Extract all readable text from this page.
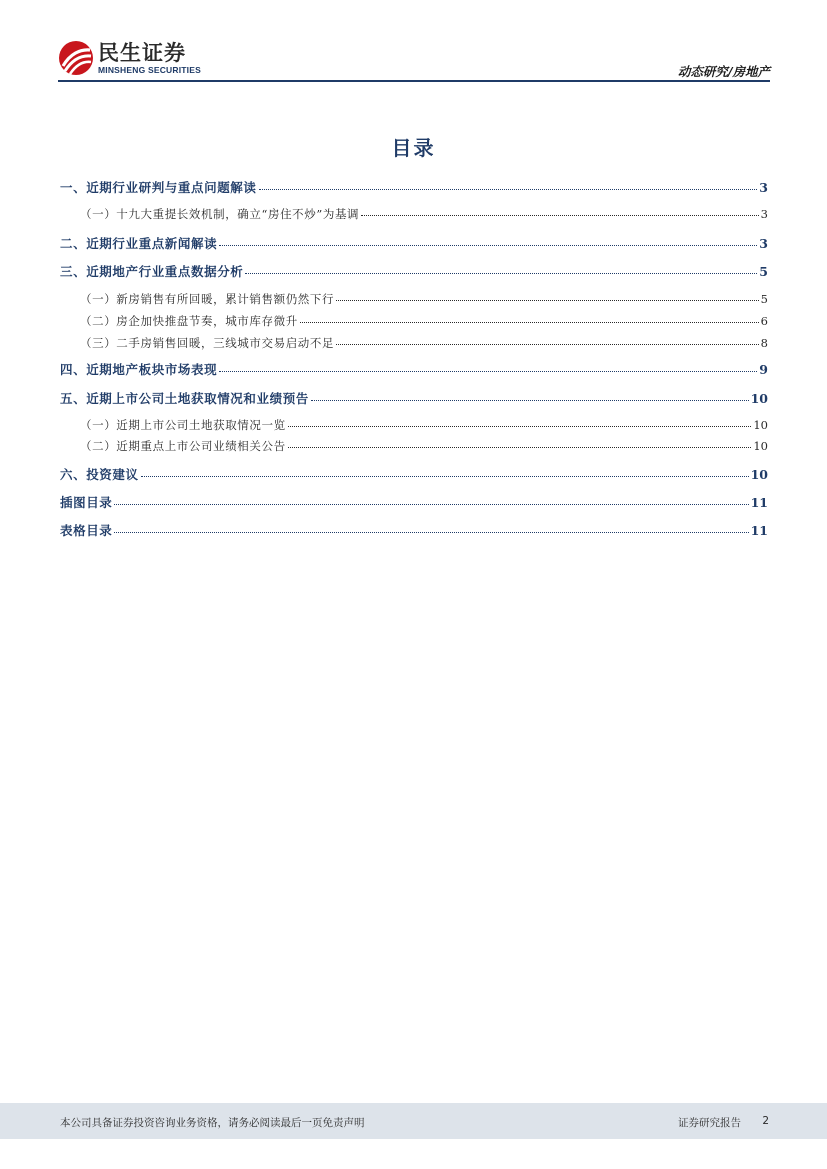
民生证券
MINSHENG SECURITIES	动态研究/房地产
目录
一、近期行业研判与重点问题解读	3
（一）十九大重提长效机制，确立“房住不炒”为基调	3
二、近期行业重点新闻解读	3
三、近期地产行业重点数据分析	5
（一）新房销售有所回暖，累计销售额仍然下行	5
（二）房企加快推盘节奏，城市库存微升	6
（三）二手房销售回暖，三线城市交易启动不足	8
四、近期地产板块市场表现	9
五、近期上市公司土地获取情况和业绩预告	10
（一）近期上市公司土地获取情况一览	10
（二）近期重点上市公司业绩相关公告	10
六、投资建议	10
插图目录	11
表格目录	11
本公司具备证券投资咨询业务资格，请务必阅读最后一页免责声明	证券研究报告 2
